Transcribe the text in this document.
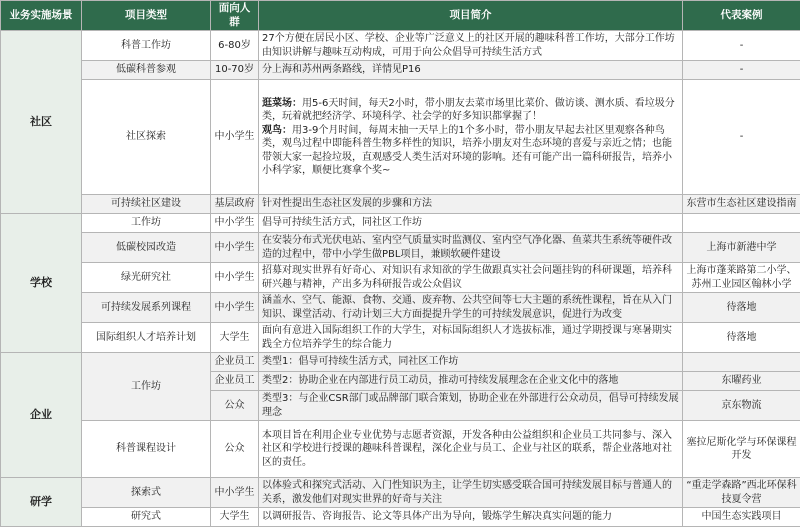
业务实施场景	项目类型	面向人群	项目简介	代表案例
社区	科普工作坊	6-80岁	27个方便在居民小区、学校、企业等广泛意义上的社区开展的趣味科普工作坊，大部分工作坊由知识讲解与趣味互动构成，可用于向公众倡导可持续生活方式	-
	低碳科普参观	10-70岁	分上海和苏州两条路线，详情见P16	-
	社区探索	中小学生	逛菜场：用5-6天时间，每天2小时，带小朋友去菜市场里比菜价、做访谈、测水质、看垃圾分类，玩着就把经济学、环境科学、社会学的好多知识都掌握了！
观鸟：用3-9个月时间，每周末抽一天早上的1个多小时，带小朋友早起去社区里观察各种鸟类，观鸟过程中即能科普生物多样性的知识，培养小朋友对生态环境的喜爱与亲近之情；也能带领大家一起捡垃圾，直观感受人类生活对环境的影响。还有可能产出一篇科研报告，培养小小科学家，顺便比赛拿个奖~	-
	可持续社区建设	基层政府	针对性提出生态社区发展的步骤和方法	东营市生态社区建设指南
学校	工作坊	中小学生	倡导可持续生活方式，同社区工作坊	
	低碳校园改造	中小学生	在安装分布式光伏电站、室内空气质量实时监测仪、室内空气净化器、鱼菜共生系统等硬件改造的过程中，带中小学生做PBL项目，兼顾软硬件建设	上海市新港中学
	绿光研究社	中小学生	招募对现实世界有好奇心、对知识有求知欲的学生做跟真实社会问题挂钩的科研课题，培养科研兴趣与精神，产出多为科研报告或公众倡议	上海市蓬莱路第二小学、苏州工业园区翰林小学
	可持续发展系列课程	中小学生	涵盖水、空气、能源、食物、交通、废弃物、公共空间等七大主题的系统性课程，旨在从入门知识、课堂活动、行动计划三大方面提提升学生的可持续发展意识，促进行为改变	待落地
	国际组织人才培养计划	大学生	面向有意进入国际组织工作的大学生，对标国际组织人才选拔标准，通过学期授课与寒暑期实践全方位培养学生的综合能力	待落地
企业	工作坊	企业员工	类型1：倡导可持续生活方式，同社区工作坊	
		企业员工	类型2：协助企业在内部进行员工动员，推动可持续发展理念在企业文化中的落地	东曜药业
		公众	类型3：与企业CSR部门或品牌部门联合策划，协助企业在外部进行公众动员，倡导可持续发展理念	京东物流
	科普课程设计	公众	本项目旨在利用企业专业优势与志愿者资源，开发各种由公益组织和企业员工共同参与、深入社区和学校进行授课的趣味科普课程，深化企业与员工、企业与社区的联系，帮企业落地对社区的责任。	塞拉尼斯化学与环保课程开发
研学	探索式	中小学生	以体验式和探究式活动、入门性知识为主，让学生切实感受联合国可持续发展目标与普通人的关系，激发他们对现实世界的好奇与关注	“重走学森路”西北环保科技夏令营
	研究式	大学生	以调研报告、咨询报告、论文等具体产出为导向，锻炼学生解决真实问题的能力	中国生态实践项目
